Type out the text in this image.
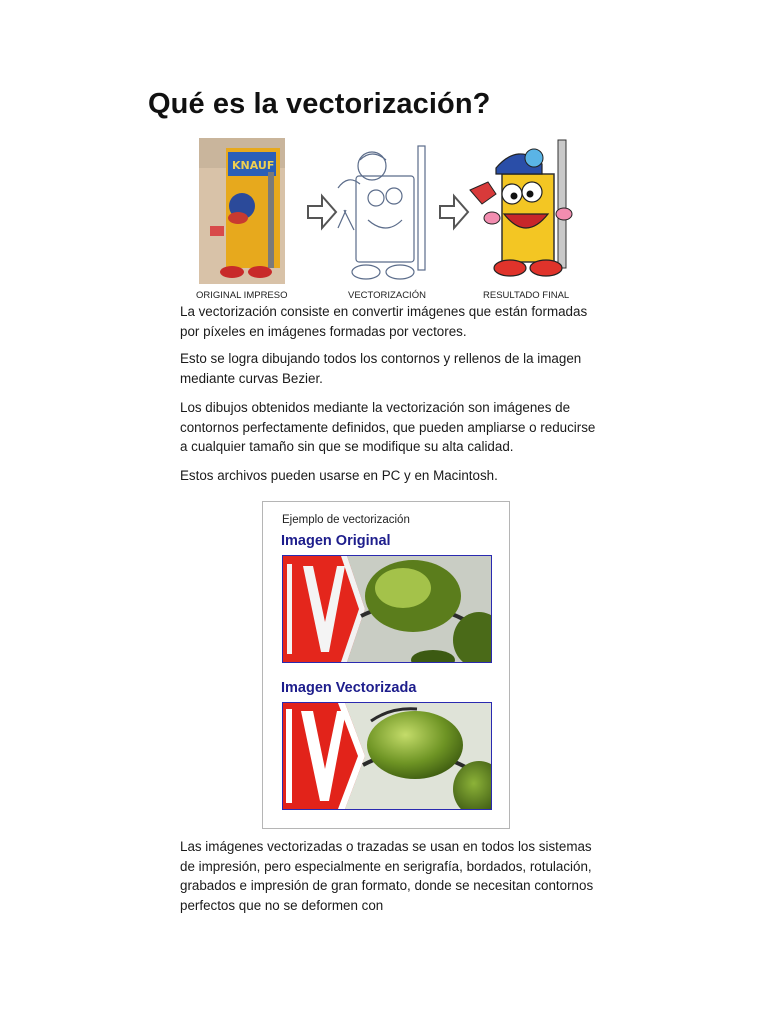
Qué es la vectorización?
KNAUF
ORIGINAL IMPRESO	VECTORIZACIÓN	RESULTADO FINAL

La vectorización consiste en convertir imágenes que están formadas por píxeles en imágenes formadas por vectores.

Esto se logra dibujando todos los contornos y rellenos de la imagen mediante curvas Bezier.

Los dibujos obtenidos mediante la vectorización son imágenes de contornos perfectamente definidos, que pueden ampliarse o reducirse a cualquier tamaño sin que se modifique su alta calidad.

Estos archivos pueden usarse en PC y en Macintosh.

Ejemplo de vectorización
Imagen Original
Imagen Vectorizada

Las imágenes vectorizadas o trazadas se usan en todos los sistemas de impresión, pero especialmente en serigrafía, bordados, rotulación, grabados e impresión de gran formato, donde se necesitan contornos perfectos que no se deformen con
